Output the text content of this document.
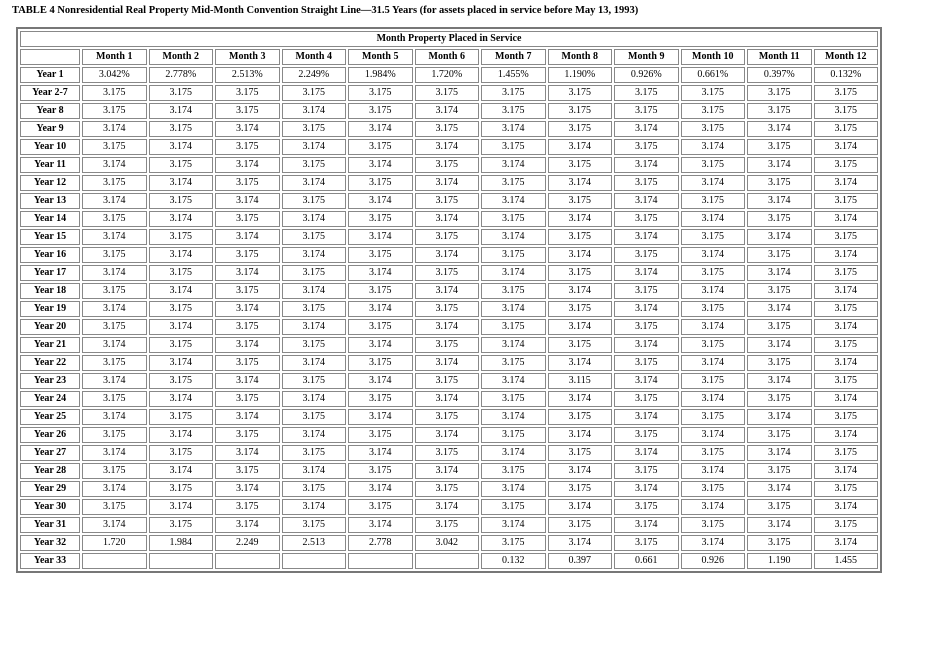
TABLE 4 Nonresidential Real Property Mid-Month Convention Straight Line—31.5 Years (for assets placed in service before May 13, 1993)
Month Property Placed in Service												
	Month 1	Month 2	Month 3	Month 4	Month 5	Month 6	Month 7	Month 8	Month 9	Month 10	Month 11	Month 12
Year 1	3.042%	2.778%	2.513%	2.249%	1.984%	1.720%	1.455%	1.190%	0.926%	0.661%	0.397%	0.132%
Year 2-7	3.175	3.175	3.175	3.175	3.175	3.175	3.175	3.175	3.175	3.175	3.175	3.175
Year 8	3.175	3.174	3.175	3.174	3.175	3.174	3.175	3.175	3.175	3.175	3.175	3.175
Year 9	3.174	3.175	3.174	3.175	3.174	3.175	3.174	3.175	3.174	3.175	3.174	3.175
Year 10	3.175	3.174	3.175	3.174	3.175	3.174	3.175	3.174	3.175	3.174	3.175	3.174
Year 11	3.174	3.175	3.174	3.175	3.174	3.175	3.174	3.175	3.174	3.175	3.174	3.175
Year 12	3.175	3.174	3.175	3.174	3.175	3.174	3.175	3.174	3.175	3.174	3.175	3.174
Year 13	3.174	3.175	3.174	3.175	3.174	3.175	3.174	3.175	3.174	3.175	3.174	3.175
Year 14	3.175	3.174	3.175	3.174	3.175	3.174	3.175	3.174	3.175	3.174	3.175	3.174
Year 15	3.174	3.175	3.174	3.175	3.174	3.175	3.174	3.175	3.174	3.175	3.174	3.175
Year 16	3.175	3.174	3.175	3.174	3.175	3.174	3.175	3.174	3.175	3.174	3.175	3.174
Year 17	3.174	3.175	3.174	3.175	3.174	3.175	3.174	3.175	3.174	3.175	3.174	3.175
Year 18	3.175	3.174	3.175	3.174	3.175	3.174	3.175	3.174	3.175	3.174	3.175	3.174
Year 19	3.174	3.175	3.174	3.175	3.174	3.175	3.174	3.175	3.174	3.175	3.174	3.175
Year 20	3.175	3.174	3.175	3.174	3.175	3.174	3.175	3.174	3.175	3.174	3.175	3.174
Year 21	3.174	3.175	3.174	3.175	3.174	3.175	3.174	3.175	3.174	3.175	3.174	3.175
Year 22	3.175	3.174	3.175	3.174	3.175	3.174	3.175	3.174	3.175	3.174	3.175	3.174
Year 23	3.174	3.175	3.174	3.175	3.174	3.175	3.174	3.115	3.174	3.175	3.174	3.175
Year 24	3.175	3.174	3.175	3.174	3.175	3.174	3.175	3.174	3.175	3.174	3.175	3.174
Year 25	3.174	3.175	3.174	3.175	3.174	3.175	3.174	3.175	3.174	3.175	3.174	3.175
Year 26	3.175	3.174	3.175	3.174	3.175	3.174	3.175	3.174	3.175	3.174	3.175	3.174
Year 27	3.174	3.175	3.174	3.175	3.174	3.175	3.174	3.175	3.174	3.175	3.174	3.175
Year 28	3.175	3.174	3.175	3.174	3.175	3.174	3.175	3.174	3.175	3.174	3.175	3.174
Year 29	3.174	3.175	3.174	3.175	3.174	3.175	3.174	3.175	3.174	3.175	3.174	3.175
Year 30	3.175	3.174	3.175	3.174	3.175	3.174	3.175	3.174	3.175	3.174	3.175	3.174
Year 31	3.174	3.175	3.174	3.175	3.174	3.175	3.174	3.175	3.174	3.175	3.174	3.175
Year 32	1.720	1.984	2.249	2.513	2.778	3.042	3.175	3.174	3.175	3.174	3.175	3.174
Year 33							0.132	0.397	0.661	0.926	1.190	1.455
